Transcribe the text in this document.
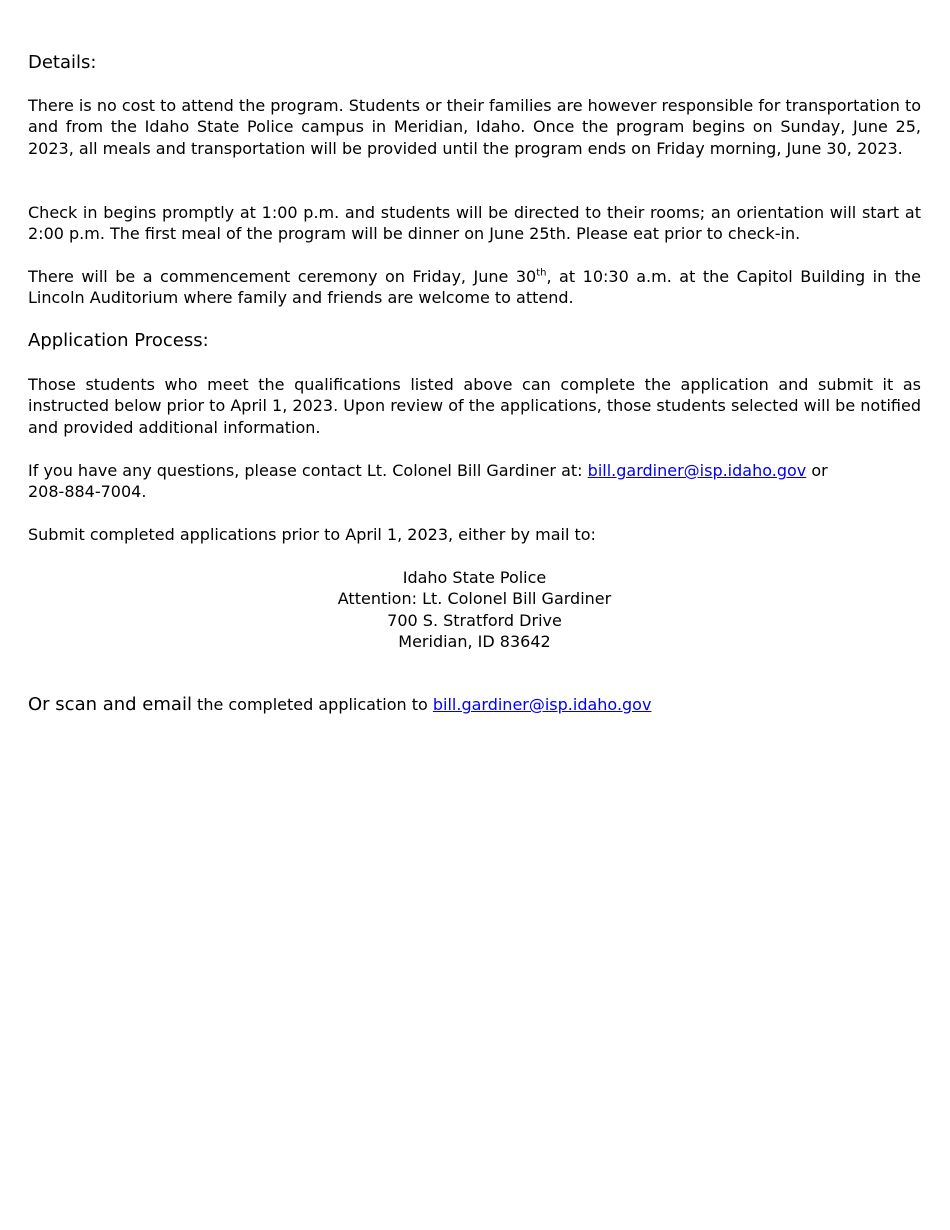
Details:

There is no cost to attend the program. Students or their families are however responsible for transportation to and from the Idaho State Police campus in Meridian, Idaho. Once the program begins on Sunday, June 25, 2023, all meals and transportation will be provided until the program ends on Friday morning, June 30, 2023.

Check in begins promptly at 1:00 p.m. and students will be directed to their rooms; an orientation will start at 2:00 p.m. The first meal of the program will be dinner on June 25th. Please eat prior to check-in.

There will be a commencement ceremony on Friday, June 30th, at 10:30 a.m. at the Capitol Building in the Lincoln Auditorium where family and friends are welcome to attend.

Application Process:

Those students who meet the qualifications listed above can complete the application and submit it as instructed below prior to April 1, 2023. Upon review of the applications, those students selected will be notified and provided additional information.

If you have any questions, please contact Lt. Colonel Bill Gardiner at: bill.gardiner@isp.idaho.gov or
208-884-7004.
Submit completed applications prior to April 1, 2023, either by mail to:
Idaho State Police
Attention: Lt. Colonel Bill Gardiner
700 S. Stratford Drive
Meridian, ID 83642
Or scan and email the completed application to bill.gardiner@isp.idaho.gov
